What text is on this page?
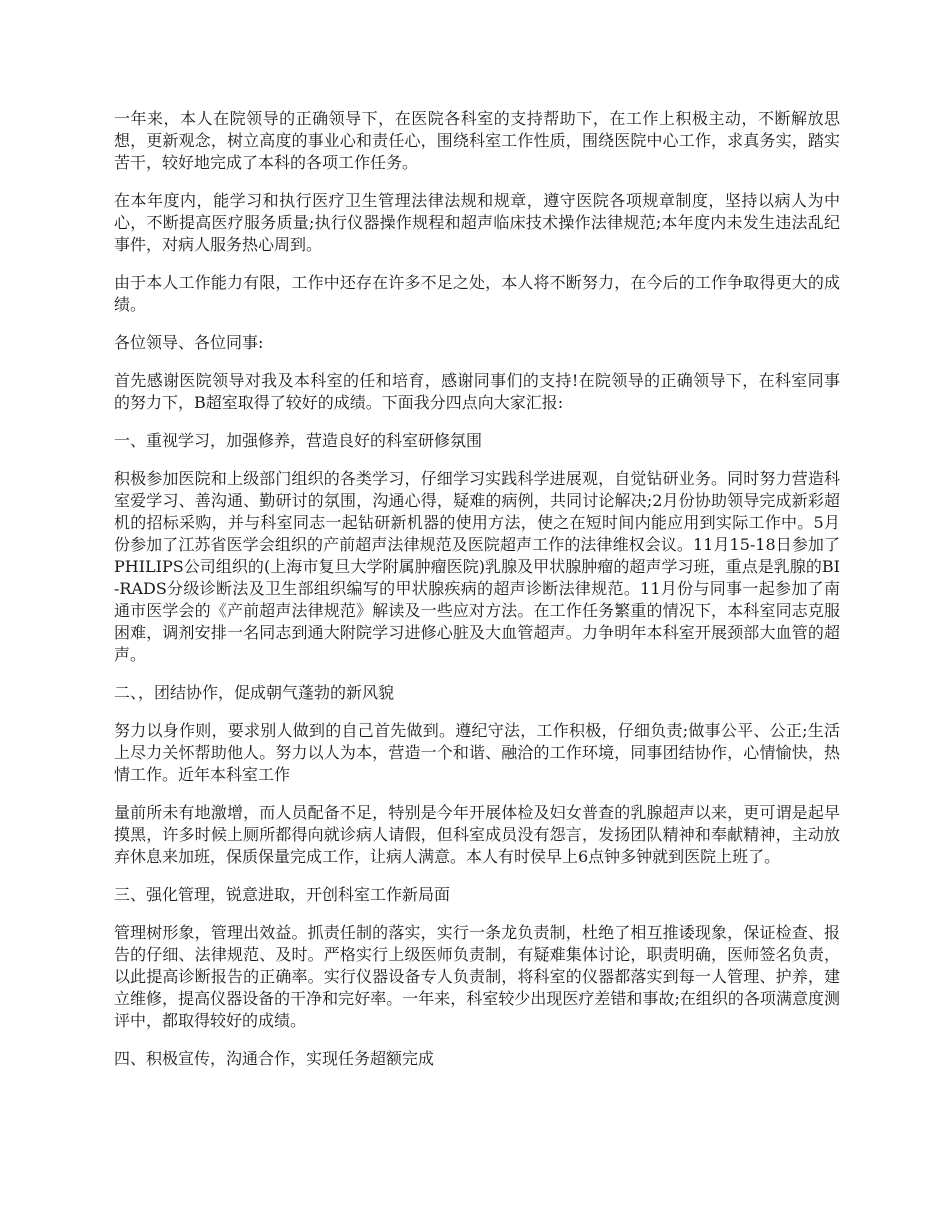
一年来，本人在院领导的正确领导下，在医院各科室的支持帮助下，在工作上积极主动，不断解放思想，更新观念，树立高度的事业心和责任心，围绕科室工作性质，围绕医院中心工作，求真务实，踏实苦干，较好地完成了本科的各项工作任务。

在本年度内，能学习和执行医疗卫生管理法律法规和规章，遵守医院各项规章制度，坚持以病人为中心，不断提高医疗服务质量;执行仪器操作规程和超声临床技术操作法律规范;本年度内未发生违法乱纪事件，对病人服务热心周到。

由于本人工作能力有限，工作中还存在许多不足之处，本人将不断努力，在今后的工作争取得更大的成绩。

各位领导、各位同事:

首先感谢医院领导对我及本科室的任和培育，感谢同事们的支持!在院领导的正确领导下，在科室同事的努力下，B超室取得了较好的成绩。下面我分四点向大家汇报:

一、重视学习，加强修养，营造良好的科室研修氛围

积极参加医院和上级部门组织的各类学习，仔细学习实践科学进展观，自觉钻研业务。同时努力营造科室爱学习、善沟通、勤研讨的氛围，沟通心得，疑难的病例，共同讨论解决;2月份协助领导完成新彩超机的招标采购，并与科室同志一起钻研新机器的使用方法，使之在短时间内能应用到实际工作中。5月份参加了江苏省医学会组织的产前超声法律规范及医院超声工作的法律维权会议。11月15-18日参加了PHILIPS公司组织的(上海市复旦大学附属肿瘤医院)乳腺及甲状腺肿瘤的超声学习班，重点是乳腺的BI-RADS分级诊断法及卫生部组织编写的甲状腺疾病的超声诊断法律规范。11月份与同事一起参加了南通市医学会的《产前超声法律规范》解读及一些应对方法。在工作任务繁重的情况下，本科室同志克服困难，调剂安排一名同志到通大附院学习进修心脏及大血管超声。力争明年本科室开展颈部大血管的超声。

二、，团结协作，促成朝气蓬勃的新风貌

努力以身作则，要求别人做到的自己首先做到。遵纪守法，工作积极，仔细负责;做事公平、公正;生活上尽力关怀帮助他人。努力以人为本，营造一个和谐、融洽的工作环境，同事团结协作，心情愉快，热情工作。近年本科室工作

量前所未有地激增，而人员配备不足，特别是今年开展体检及妇女普查的乳腺超声以来，更可谓是起早摸黑，许多时候上厕所都得向就诊病人请假，但科室成员没有怨言，发扬团队精神和奉献精神，主动放弃休息来加班，保质保量完成工作，让病人满意。本人有时侯早上6点钟多钟就到医院上班了。

三、强化管理，锐意进取，开创科室工作新局面

管理树形象，管理出效益。抓责任制的落实，实行一条龙负责制，杜绝了相互推诿现象，保证检查、报告的仔细、法律规范、及时。严格实行上级医师负责制，有疑难集体讨论，职责明确，医师签名负责，以此提高诊断报告的正确率。实行仪器设备专人负责制，将科室的仪器都落实到每一人管理、护养，建立维修，提高仪器设备的干净和完好率。一年来，科室较少出现医疗差错和事故;在组织的各项满意度测评中，都取得较好的成绩。

四、积极宣传，沟通合作，实现任务超额完成
